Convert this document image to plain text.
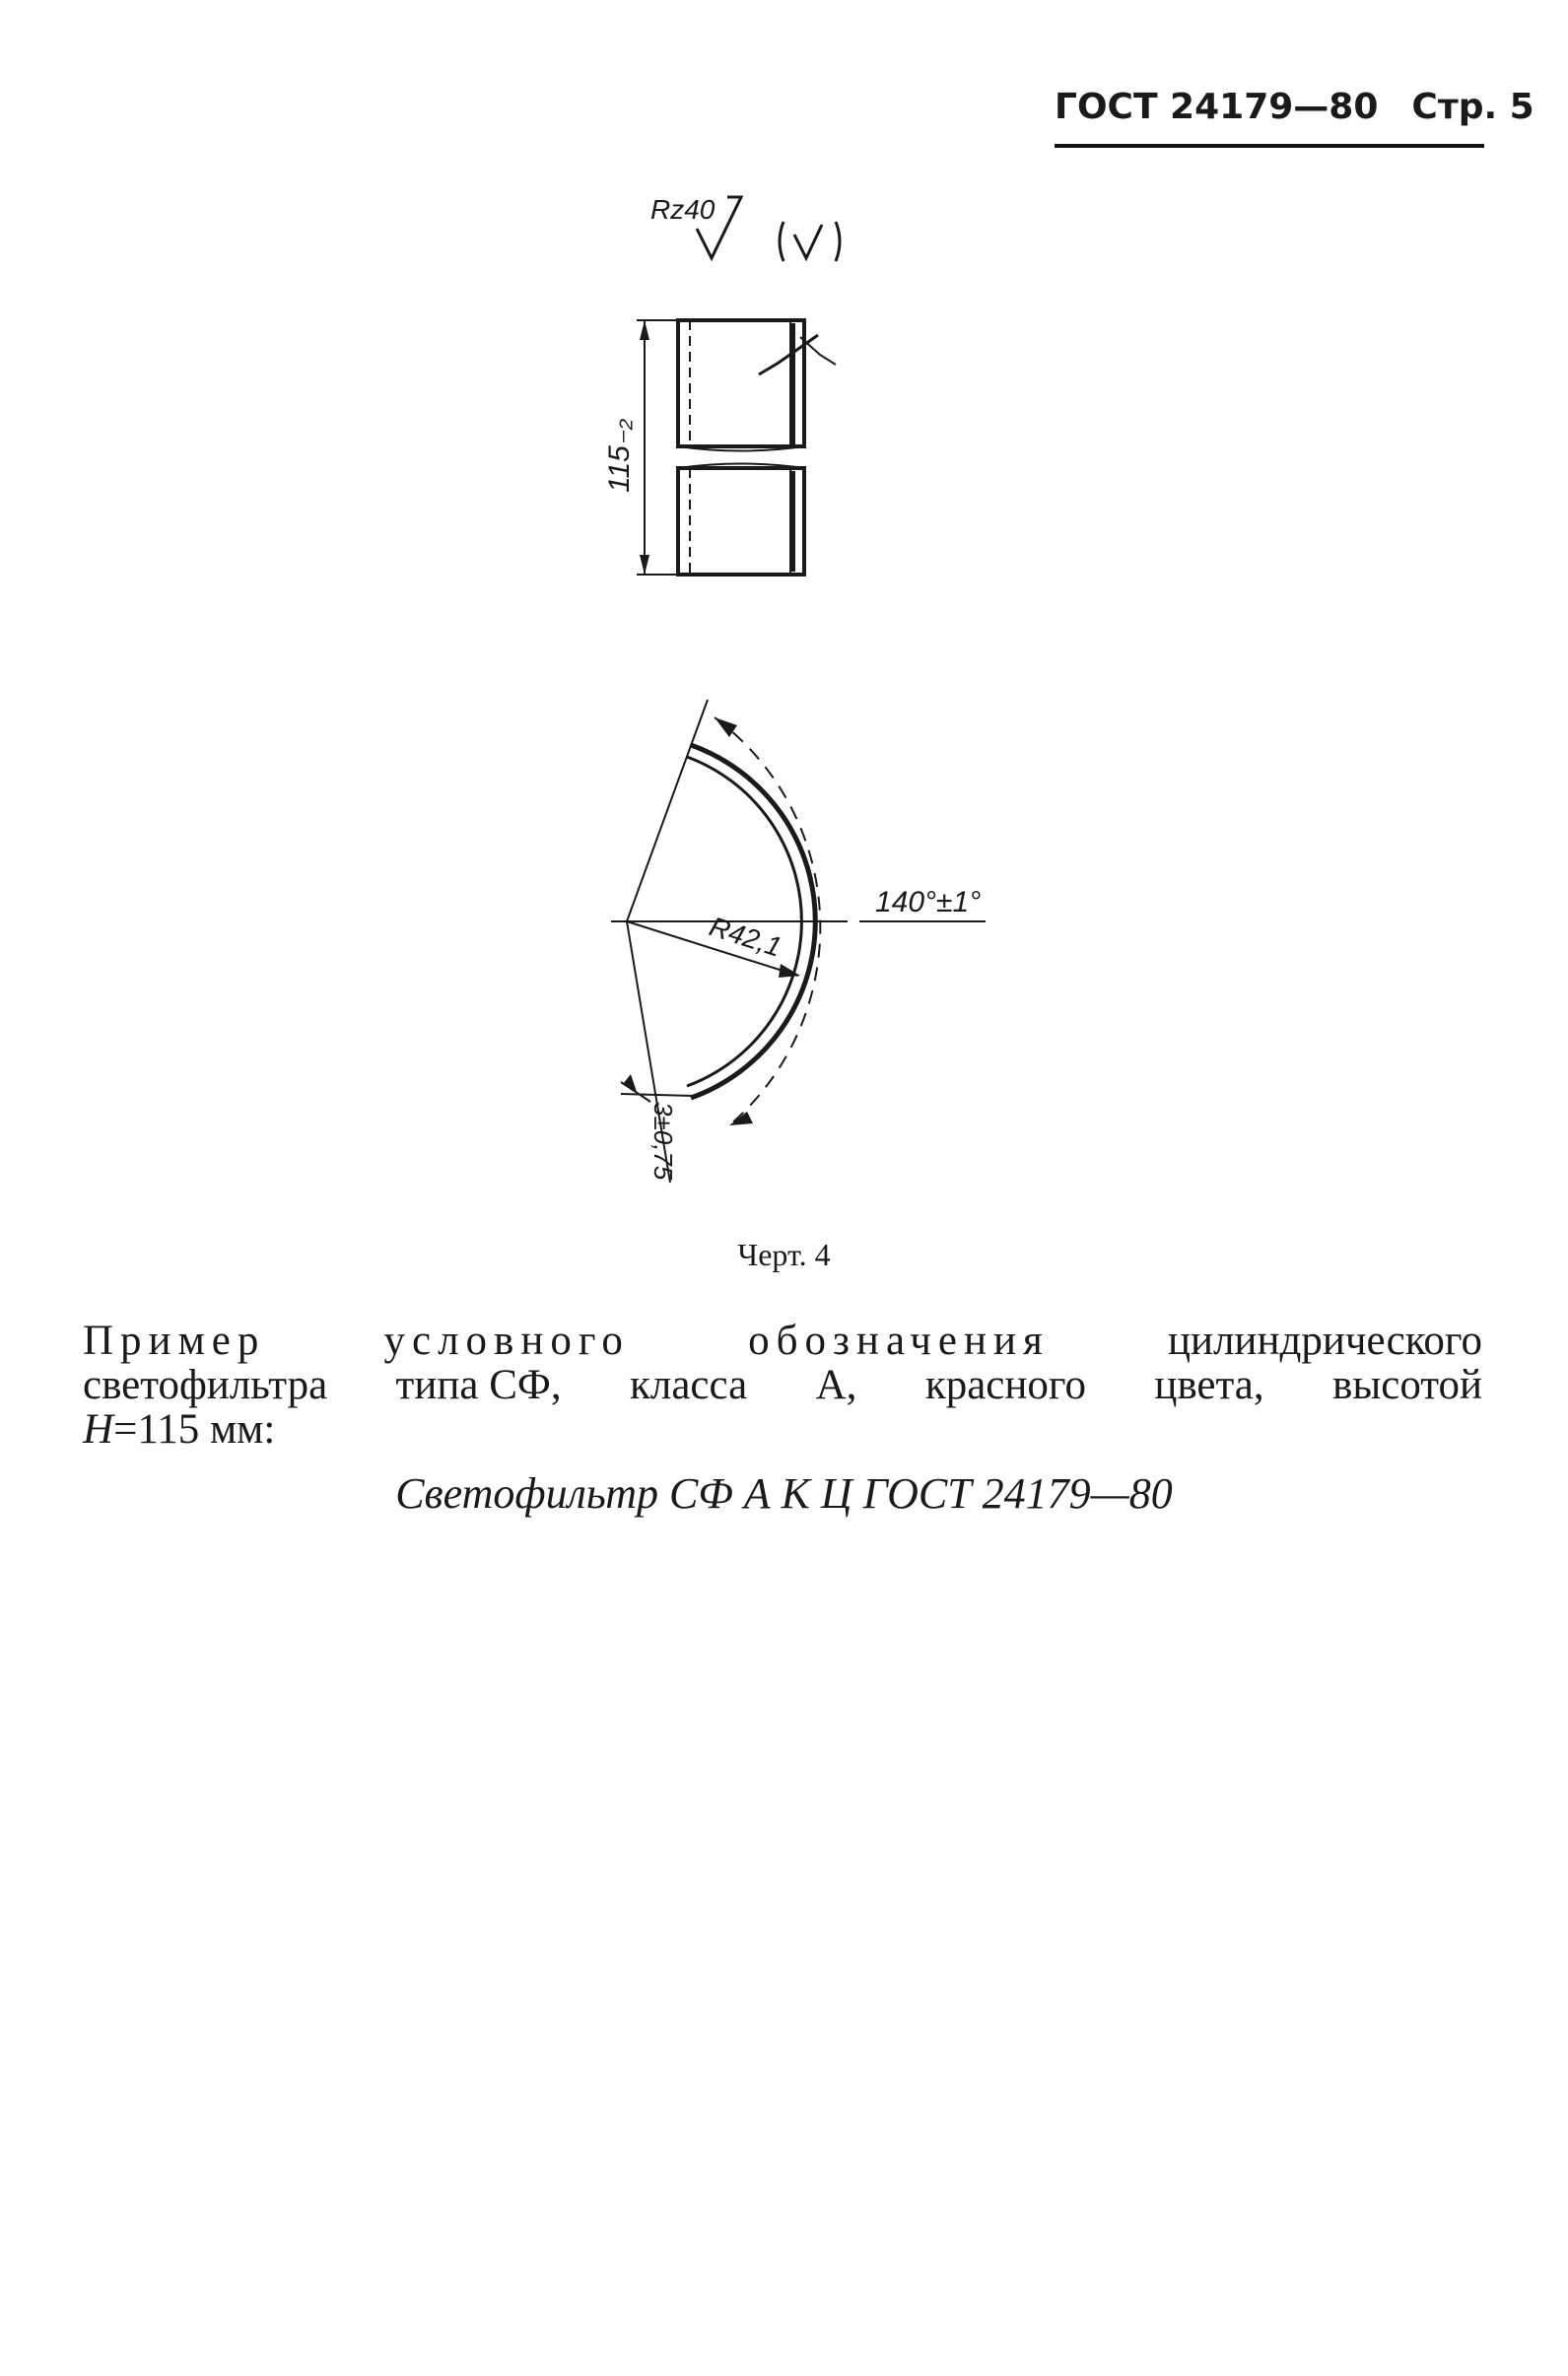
ГОСТ 24179—80 Стр. 5
Rz40
115₋₂
140°±1°
R42,1
3±0,75
Черт. 4
Пример	условного	обозначения	цилиндрического
светофильтра типа СФ, класса А, красного цвета, высотой
H =115 мм:
Светофильтр СФ А К Ц ГОСТ 24179—80
